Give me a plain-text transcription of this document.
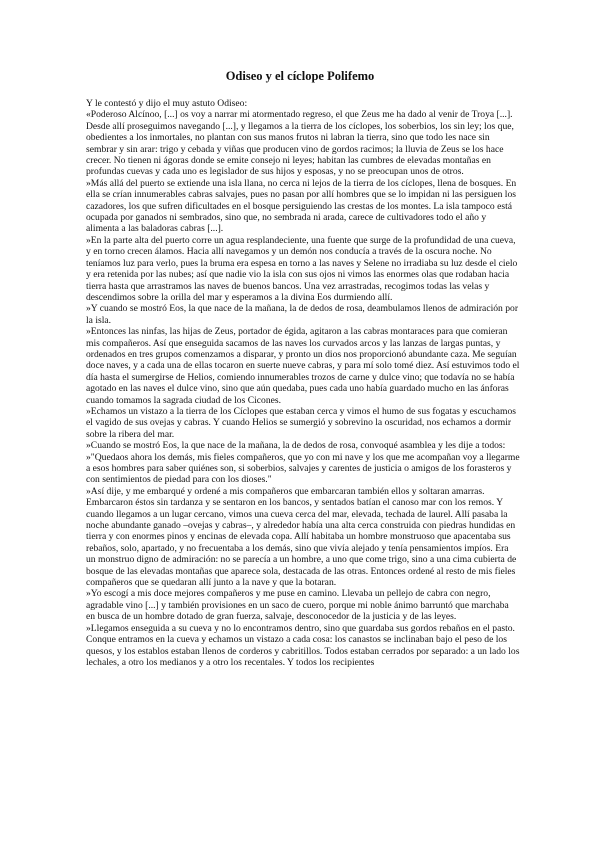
Odiseo y el cíclope Polifemo

Y le contestó y dijo el muy astuto Odiseo:

«Poderoso Alcínoo, [...] os voy a narrar mi atormentado regreso, el que Zeus me ha dado al venir de Troya [...]. Desde allí proseguimos navegando [...], y llegamos a la tierra de los cíclopes, los soberbios, los sin ley; los que, obedientes a los inmortales, no plantan con sus manos frutos ni labran la tierra, sino que todo les nace sin sembrar y sin arar: trigo y cebada y viñas que producen vino de gordos racimos; la lluvia de Zeus se los hace crecer. No tienen ni ágoras donde se emite consejo ni leyes; habitan las cumbres de elevadas montañas en profundas cuevas y cada uno es legislador de sus hijos y esposas, y no se preocupan unos de otros.

»Más allá del puerto se extiende una isla llana, no cerca ni lejos de la tierra de los cíclopes, llena de bosques. En ella se crían innumerables cabras salvajes, pues no pasan por allí hombres que se lo impidan ni las persiguen los cazadores, los que sufren dificultades en el bosque persiguiendo las crestas de los montes. La isla tampoco está ocupada por ganados ni sembrados, sino que, no sembrada ni arada, carece de cultivadores todo el año y alimenta a las baladoras cabras [...].

»En la parte alta del puerto corre un agua resplandeciente, una fuente que surge de la profundidad de una cueva, y en torno crecen álamos. Hacia allí navegamos y un demón nos conducía a través de la oscura noche. No teníamos luz para verlo, pues la bruma era espesa en torno a las naves y Selene no irradiaba su luz desde el cielo y era retenida por las nubes; así que nadie vio la isla con sus ojos ni vimos las enormes olas que rodaban hacia tierra hasta que arrastramos las naves de buenos bancos. Una vez arrastradas, recogimos todas las velas y descendimos sobre la orilla del mar y esperamos a la divina Eos durmiendo allí.

»Y cuando se mostró Eos, la que nace de la mañana, la de dedos de rosa, deambulamos llenos de admiración por la isla.

»Entonces las ninfas, las hijas de Zeus, portador de égida, agitaron a las cabras montaraces para que comieran mis compañeros. Así que enseguida sacamos de las naves los curvados arcos y las lanzas de largas puntas, y ordenados en tres grupos comenzamos a disparar, y pronto un dios nos proporcionó abundante caza. Me seguían doce naves, y a cada una de ellas tocaron en suerte nueve cabras, y para mí solo tomé diez. Así estuvimos todo el día hasta el sumergirse de Helios, comiendo innumerables trozos de carne y dulce vino; que todavía no se había agotado en las naves el dulce vino, sino que aún quedaba, pues cada uno había guardado mucho en las ánforas cuando tomamos la sagrada ciudad de los Cicones.

»Echamos un vistazo a la tierra de los Cíclopes que estaban cerca y vimos el humo de sus fogatas y escuchamos el vagido de sus ovejas y cabras. Y cuando Helios se sumergió y sobrevino la oscuridad, nos echamos a dormir sobre la ribera del mar.

»Cuando se mostró Eos, la que nace de la mañana, la de dedos de rosa, convoqué asamblea y les dije a todos:

»"Quedaos ahora los demás, mis fieles compañeros, que yo con mi nave y los que me acompañan voy a llegarme a esos hombres para saber quiénes son, si soberbios, salvajes y carentes de justicia o amigos de los forasteros y con sentimientos de piedad para con los dioses."

»Así dije, y me embarqué y ordené a mis compañeros que embarcaran también ellos y soltaran amarras. Embarcaron éstos sin tardanza y se sentaron en los bancos, y sentados batían el canoso mar con los remos. Y cuando llegamos a un lugar cercano, vimos una cueva cerca del mar, elevada, techada de laurel. Allí pasaba la noche abundante ganado –ovejas y cabras–, y alrededor había una alta cerca construida con piedras hundidas en tierra y con enormes pinos y encinas de elevada copa. Allí habitaba un hombre monstruoso que apacentaba sus rebaños, solo, apartado, y no frecuentaba a los demás, sino que vivía alejado y tenía pensamientos impíos. Era un monstruo digno de admiración: no se parecía a un hombre, a uno que come trigo, sino a una cima cubierta de bosque de las elevadas montañas que aparece sola, destacada de las otras. Entonces ordené al resto de mis fieles compañeros que se quedaran allí junto a la nave y que la botaran.

»Yo escogí a mis doce mejores compañeros y me puse en camino. Llevaba un pellejo de cabra con negro, agradable vino [...] y también provisiones en un saco de cuero, porque mi noble ánimo barruntó que marchaba en busca de un hombre dotado de gran fuerza, salvaje, desconocedor de la justicia y de las leyes.

»Llegamos enseguida a su cueva y no lo encontramos dentro, sino que guardaba sus gordos rebaños en el pasto. Conque entramos en la cueva y echamos un vistazo a cada cosa: los canastos se inclinaban bajo el peso de los quesos, y los establos estaban llenos de corderos y cabritillos. Todos estaban cerrados por separado: a un lado los lechales, a otro los medianos y a otro los recentales. Y todos los recipientes
